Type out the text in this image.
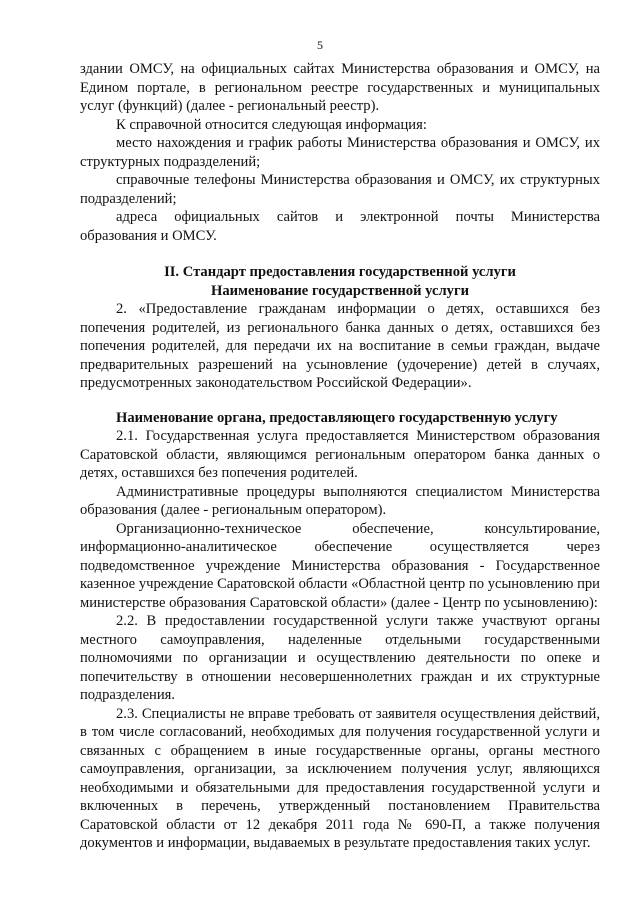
5

здании ОМСУ, на официальных сайтах Министерства образования и ОМСУ, на Едином портале, в региональном реестре государственных и муниципальных услуг (функций) (далее - региональный реестр).

К справочной относится следующая информация:

место нахождения и график работы Министерства образования и ОМСУ, их структурных подразделений;

справочные телефоны Министерства образования и ОМСУ, их структурных подразделений;

адреса официальных сайтов и электронной почты Министерства образования и ОМСУ.

II. Стандарт предоставления государственной услуги

Наименование государственной услуги

2. «Предоставление гражданам информации о детях, оставшихся без попечения родителей, из регионального банка данных о детях, оставшихся без попечения родителей, для передачи их на воспитание в семьи граждан, выдаче предварительных разрешений на усыновление (удочерение) детей в случаях, предусмотренных законодательством Российской Федерации».

Наименование органа, предоставляющего государственную услугу

2.1. Государственная услуга предоставляется Министерством образования Саратовской области, являющимся региональным оператором банка данных о детях, оставшихся без попечения родителей.

Административные процедуры выполняются специалистом Министерства образования (далее - региональным оператором).

Организационно-техническое обеспечение, консультирование, информационно-аналитическое обеспечение осуществляется через подведомственное учреждение Министерства образования - Государственное казенное учреждение Саратовской области «Областной центр по усыновлению при министерстве образования Саратовской области» (далее - Центр по усыновлению):

2.2. В предоставлении государственной услуги также участвуют органы местного самоуправления, наделенные отдельными государственными полномочиями по организации и осуществлению деятельности по опеке и попечительству в отношении несовершеннолетних граждан и их структурные подразделения.

2.3. Специалисты не вправе требовать от заявителя осуществления действий, в том числе согласований, необходимых для получения государственной услуги и связанных с обращением в иные государственные органы, органы местного самоуправления, организации, за исключением получения услуг, являющихся необходимыми и обязательными для предоставления государственной услуги и включенных в перечень, утвержденный постановлением Правительства Саратовской области от 12 декабря 2011 года № 690-П, а также получения документов и информации, выдаваемых в результате предоставления таких услуг.
